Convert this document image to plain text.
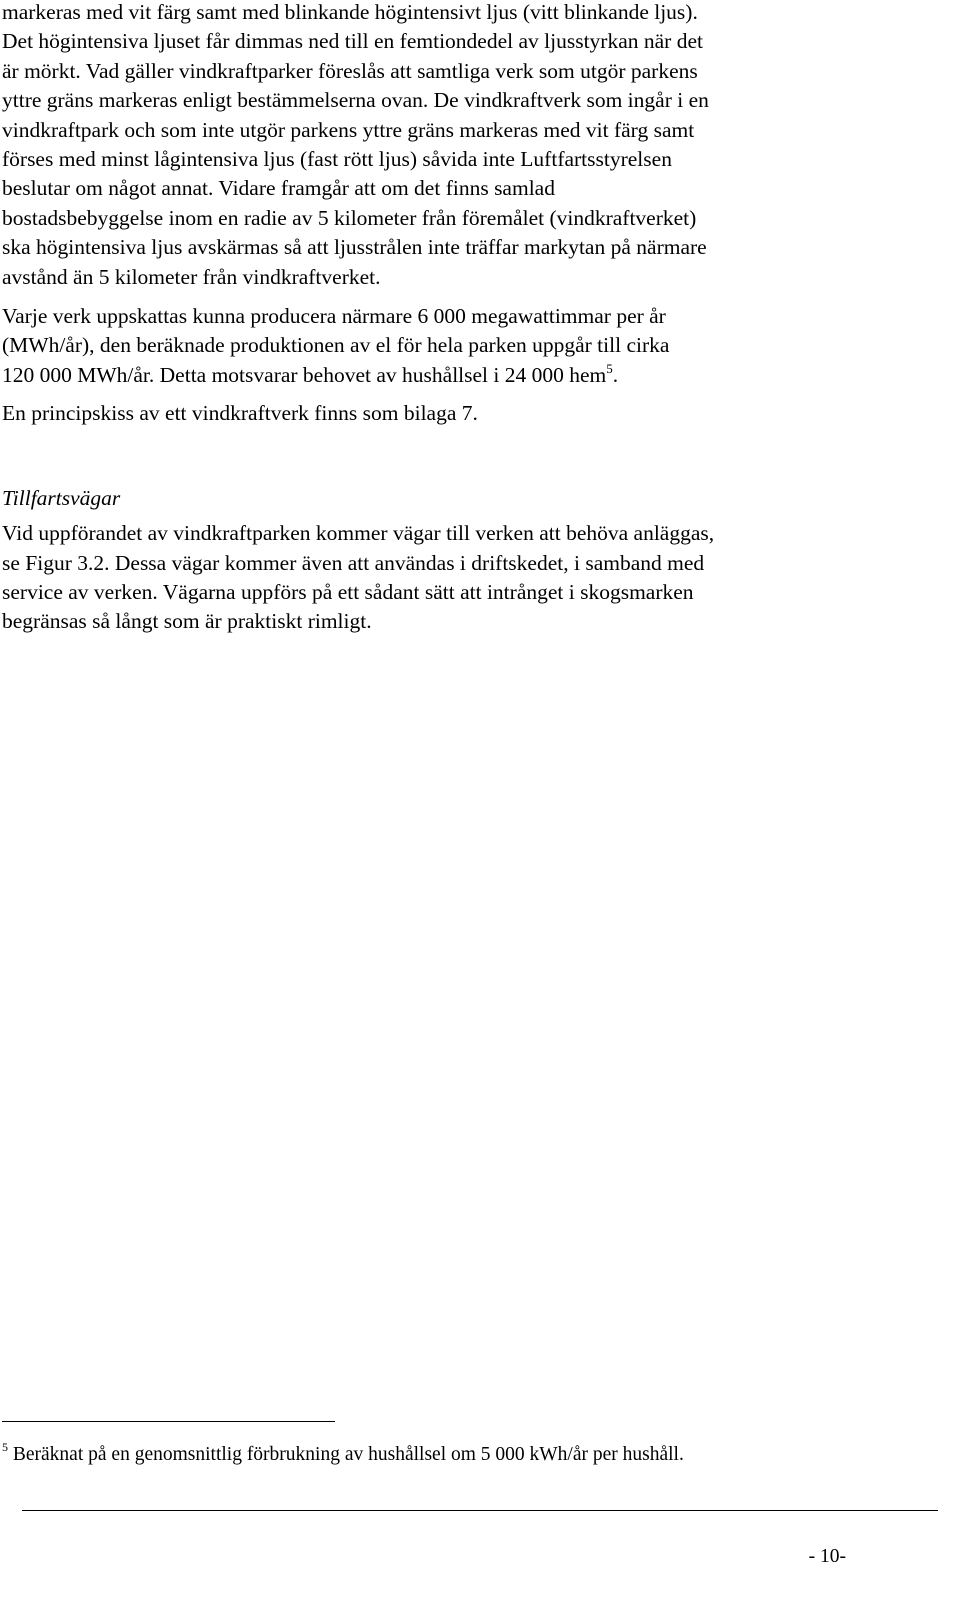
markeras med vit färg samt med blinkande högintensivt ljus (vitt blinkande ljus).
Det högintensiva ljuset får dimmas ned till en femtiondedel av ljusstyrkan när det
är mörkt. Vad gäller vindkraftparker föreslås att samtliga verk som utgör parkens
yttre gräns markeras enligt bestämmelserna ovan. De vindkraftverk som ingår i en
vindkraftpark och som inte utgör parkens yttre gräns markeras med vit färg samt
förses med minst lågintensiva ljus (fast rött ljus) såvida inte Luftfartsstyrelsen
beslutar om något annat. Vidare framgår att om det finns samlad
bostadsbebyggelse inom en radie av 5 kilometer från föremålet (vindkraftverket)
ska högintensiva ljus avskärmas så att ljusstrålen inte träffar markytan på närmare
avstånd än 5 kilometer från vindkraftverket.

Varje verk uppskattas kunna producera närmare 6 000 megawattimmar per år
(MWh/år), den beräknade produktionen av el för hela parken uppgår till cirka
120 000 MWh/år. Detta motsvarar behovet av hushållsel i 24 000 hem$^5$.

En principskiss av ett vindkraftverk finns som bilaga 7.

Tillfartsvägar

Vid uppförandet av vindkraftparken kommer vägar till verken att behöva anläggas,
se Figur 3.2. Dessa vägar kommer även att användas i driftskedet, i samband med
service av verken. Vägarna uppförs på ett sådant sätt att intrånget i skogsmarken
begränsas så långt som är praktiskt rimligt.

$^5$ Beräknat på en genomsnittlig förbrukning av hushållsel om 5 000 kWh/år per hushåll.
- 10-
